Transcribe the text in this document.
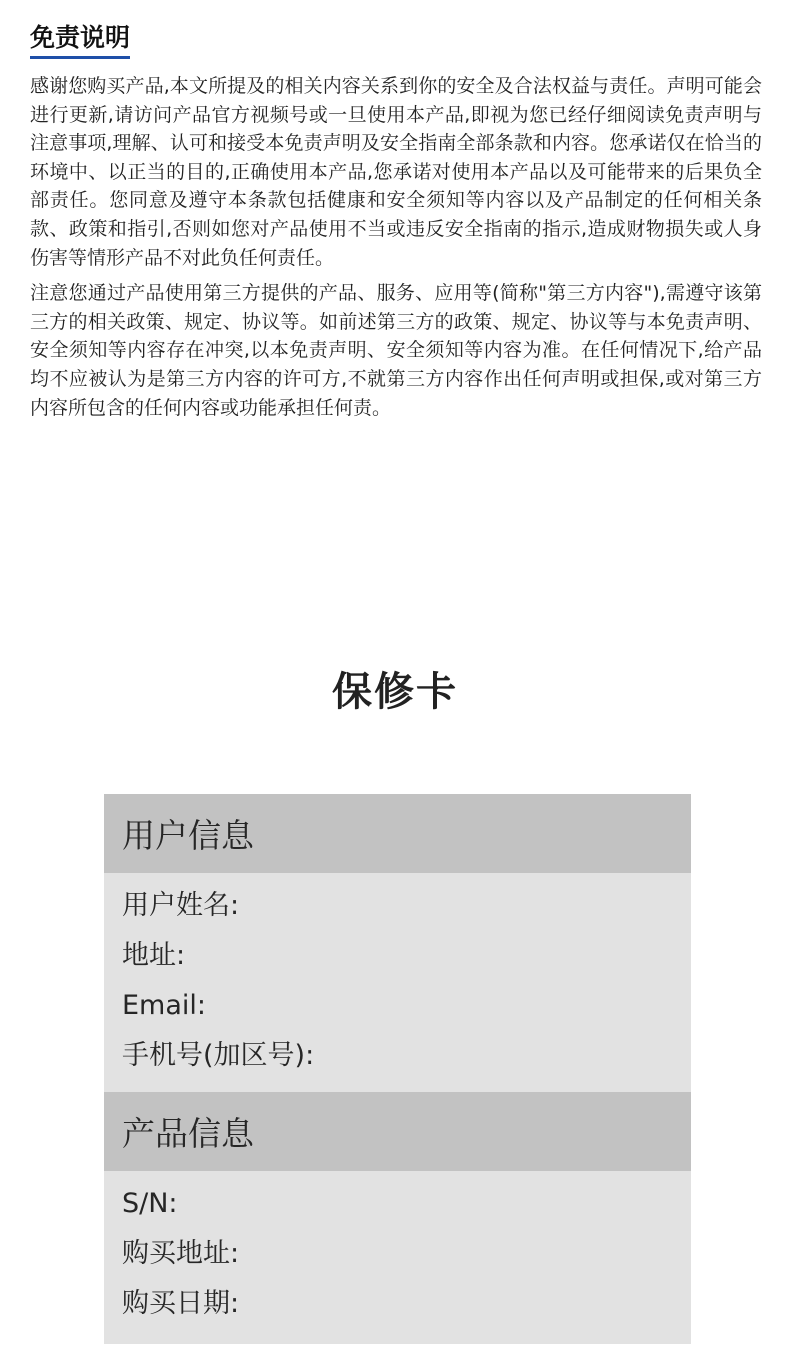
免责说明

感谢您购买产品,本文所提及的相关内容关系到你的安全及合法权益与责任。声明可能会进行更新,请访问产品官方视频号或一旦使用本产品,即视为您已经仔细阅读免责声明与注意事项,理解、认可和接受本免责声明及安全指南全部条款和内容。您承诺仅在恰当的环境中、以正当的目的,正确使用本产品,您承诺对使用本产品以及可能带来的后果负全部责任。您同意及遵守本条款包括健康和安全须知等内容以及产品制定的任何相关条款、政策和指引,否则如您对产品使用不当或违反安全指南的指示,造成财物损失或人身伤害等情形产品不对此负任何责任。

注意您通过产品使用第三方提供的产品、服务、应用等(简称"第三方内容"),需遵守该第三方的相关政策、规定、协议等。如前述第三方的政策、规定、协议等与本免责声明、安全须知等内容存在冲突,以本免责声明、安全须知等内容为准。在任何情况下,给产品均不应被认为是第三方内容的许可方,不就第三方内容作出任何声明或担保,或对第三方内容所包含的任何内容或功能承担任何责。

保修卡
用户信息
用户姓名:
地址:
Email:
手机号(加区号):
产品信息
S/N:
购买地址:
购买日期:
